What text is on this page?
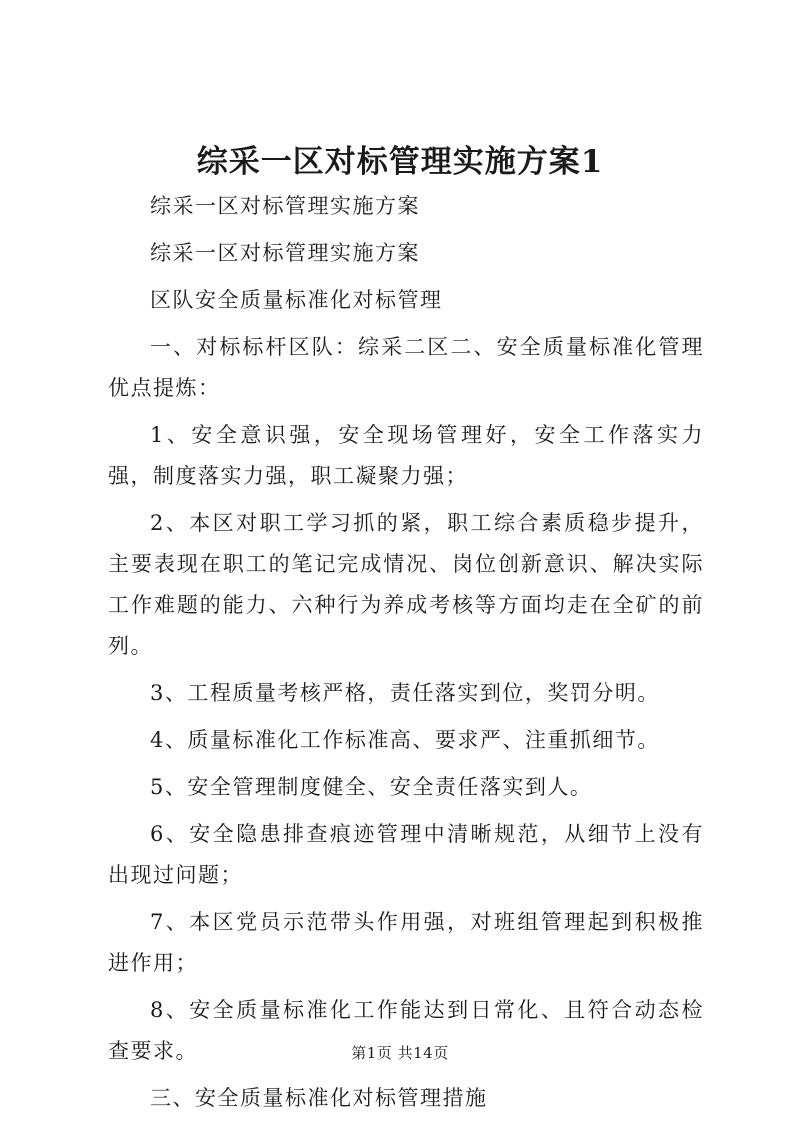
综采一区对标管理实施方案1

综采一区对标管理实施方案

综采一区对标管理实施方案

区队安全质量标准化对标管理

一、对标标杆区队：综采二区二、安全质量标准化管理优点提炼：

1、安全意识强，安全现场管理好，安全工作落实力强，制度落实力强，职工凝聚力强；

2、本区对职工学习抓的紧，职工综合素质稳步提升，主要表现在职工的笔记完成情况、岗位创新意识、解决实际工作难题的能力、六种行为养成考核等方面均走在全矿的前列。

3、工程质量考核严格，责任落实到位，奖罚分明。

4、质量标准化工作标准高、要求严、注重抓细节。

5、安全管理制度健全、安全责任落实到人。

6、安全隐患排查痕迹管理中清晰规范，从细节上没有出现过问题；

7、本区党员示范带头作用强，对班组管理起到积极推进作用；

8、安全质量标准化工作能达到日常化、且符合动态检查要求。

三、安全质量标准化对标管理措施

第1页 共14页
